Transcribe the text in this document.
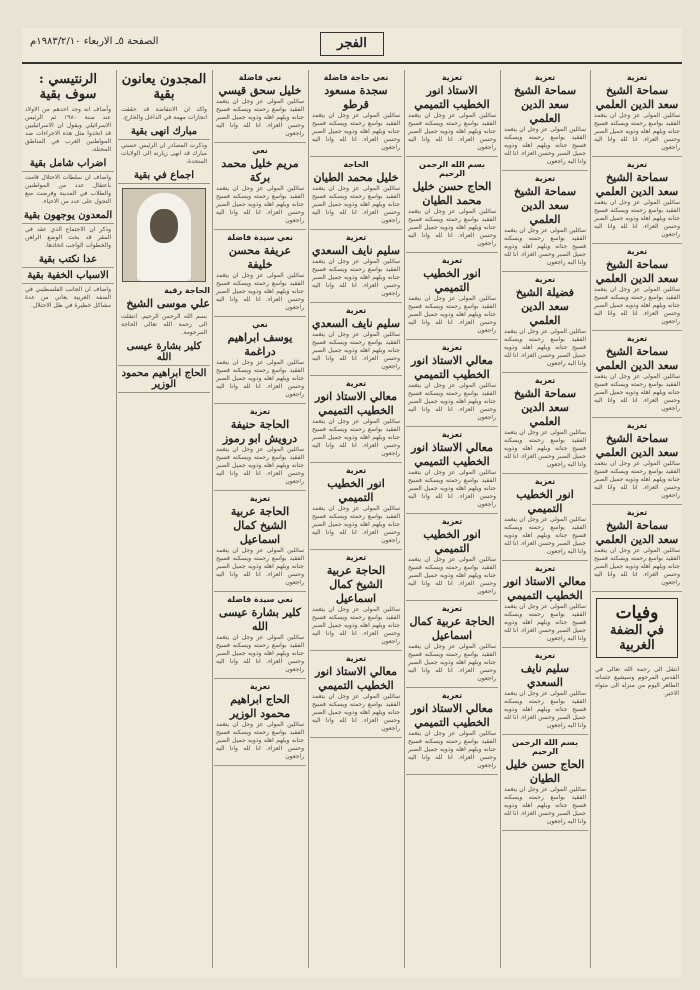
الصفحة ٥ـ الاربعاء ١٩٨٣/٢/١٠م	الفجر
الرنتيسي : سوف بقية
وأضاف انه وجد احدهم من الاولاد عند سنة ١٩٨٠ ثم الرئيس الاسرائيلي ويقول ان الاسرائيليين قد اتخذوا مثل هذه الاجراءات ضد المواطنين العرب في المناطق المحتلة.
اضراب شامل بقية
واضاف ان سلطات الاحتلال قامت باعتقال عدد من المواطنين والطلاب في المدينة وفرضت منع التجول على عدد من الاحياء.
المعدون يوجهون بقية
وذكر ان الاجتماع الذي عقد في المقر قد بحث الوضع الراهن والخطوات الواجب اتخاذها.
عدا نكتب بقية
الاسباب الخفية بقية
واضاف ان الجانب الفلسطيني في الضفة الغربية يعاني من عدة مشاكل خطيرة في ظل الاحتلال.
المجدون يعانون بقية
واكد ان الانتفاضة قد حققت انجازات مهمة في الداخل والخارج.
مبارك انهى بقية
وذكرت المصادر ان الرئيس حسني مبارك قد انهى زيارته الى الولايات المتحدة.
اجماع في بقية
الحاجة رقية
علي موسى الشيخ
بسم الله الرحمن الرحيم. انتقلت الى رحمة الله تعالى الحاجة المرحومة.
كلير بشارة عيسى الله
الحاج ابراهيم محمود الوزير
نعي فاضلة
خليل سحق قيسي
سائلين المولى عز وجل ان يتغمد الفقيد بواسع رحمته ويسكنه فسيح جنانه ويلهم اهله وذويه جميل الصبر وحسن العزاء. انا لله وانا اليه راجعون
نعي
مريم خليل محمد بركة
سائلين المولى عز وجل ان يتغمد الفقيد بواسع رحمته ويسكنه فسيح جنانه ويلهم اهله وذويه جميل الصبر وحسن العزاء. انا لله وانا اليه راجعون
نعي سيدة فاضلة
عريفة محسن خليفة
سائلين المولى عز وجل ان يتغمد الفقيد بواسع رحمته ويسكنه فسيح جنانه ويلهم اهله وذويه جميل الصبر وحسن العزاء. انا لله وانا اليه راجعون
نعي
يوسف ابراهيم دراغمة
سائلين المولى عز وجل ان يتغمد الفقيد بواسع رحمته ويسكنه فسيح جنانه ويلهم اهله وذويه جميل الصبر وحسن العزاء. انا لله وانا اليه راجعون
تعزية
الحاجة حنيفة درويش ابو رموز
سائلين المولى عز وجل ان يتغمد الفقيد بواسع رحمته ويسكنه فسيح جنانه ويلهم اهله وذويه جميل الصبر وحسن العزاء. انا لله وانا اليه راجعون
تعزية
الحاجة عربية الشيخ كمال اسماعيل
سائلين المولى عز وجل ان يتغمد الفقيد بواسع رحمته ويسكنه فسيح جنانه ويلهم اهله وذويه جميل الصبر وحسن العزاء. انا لله وانا اليه راجعون
نعي سيدة فاضلة
كلير بشارة عيسى الله
سائلين المولى عز وجل ان يتغمد الفقيد بواسع رحمته ويسكنه فسيح جنانه ويلهم اهله وذويه جميل الصبر وحسن العزاء. انا لله وانا اليه راجعون
تعزية
الحاج ابراهيم محمود الوزير
سائلين المولى عز وجل ان يتغمد الفقيد بواسع رحمته ويسكنه فسيح جنانه ويلهم اهله وذويه جميل الصبر وحسن العزاء. انا لله وانا اليه راجعون
نعي حاجة فاضلة
سجدة مسعود قرطو
سائلين المولى عز وجل ان يتغمد الفقيد بواسع رحمته ويسكنه فسيح جنانه ويلهم اهله وذويه جميل الصبر وحسن العزاء. انا لله وانا اليه راجعون
الحاجة
خليل محمد الطيان
سائلين المولى عز وجل ان يتغمد الفقيد بواسع رحمته ويسكنه فسيح جنانه ويلهم اهله وذويه جميل الصبر وحسن العزاء. انا لله وانا اليه راجعون
تعزية
سليم نايف السعدي
سائلين المولى عز وجل ان يتغمد الفقيد بواسع رحمته ويسكنه فسيح جنانه ويلهم اهله وذويه جميل الصبر وحسن العزاء. انا لله وانا اليه راجعون
تعزية
سليم نايف السعدي
سائلين المولى عز وجل ان يتغمد الفقيد بواسع رحمته ويسكنه فسيح جنانه ويلهم اهله وذويه جميل الصبر وحسن العزاء. انا لله وانا اليه راجعون
تعزية
معالي الاستاذ انور الخطيب التميمي
سائلين المولى عز وجل ان يتغمد الفقيد بواسع رحمته ويسكنه فسيح جنانه ويلهم اهله وذويه جميل الصبر وحسن العزاء. انا لله وانا اليه راجعون
تعزية
انور الخطيب التميمي
سائلين المولى عز وجل ان يتغمد الفقيد بواسع رحمته ويسكنه فسيح جنانه ويلهم اهله وذويه جميل الصبر وحسن العزاء. انا لله وانا اليه راجعون
تعزية
الحاجة عربية الشيخ كمال اسماعيل
سائلين المولى عز وجل ان يتغمد الفقيد بواسع رحمته ويسكنه فسيح جنانه ويلهم اهله وذويه جميل الصبر وحسن العزاء. انا لله وانا اليه راجعون
تعزية
معالي الاستاذ انور الخطيب التميمي
سائلين المولى عز وجل ان يتغمد الفقيد بواسع رحمته ويسكنه فسيح جنانه ويلهم اهله وذويه جميل الصبر وحسن العزاء. انا لله وانا اليه راجعون
تعزية
الاستاذ انور الخطيب التميمي
سائلين المولى عز وجل ان يتغمد الفقيد بواسع رحمته ويسكنه فسيح جنانه ويلهم اهله وذويه جميل الصبر وحسن العزاء. انا لله وانا اليه راجعون
بسم الله الرحمن الرحيم
الحاج حسن خليل محمد الطيان
سائلين المولى عز وجل ان يتغمد الفقيد بواسع رحمته ويسكنه فسيح جنانه ويلهم اهله وذويه جميل الصبر وحسن العزاء. انا لله وانا اليه راجعون
تعزية
انور الخطيب التميمي
سائلين المولى عز وجل ان يتغمد الفقيد بواسع رحمته ويسكنه فسيح جنانه ويلهم اهله وذويه جميل الصبر وحسن العزاء. انا لله وانا اليه راجعون
تعزية
معالي الاستاذ انور الخطيب التميمي
سائلين المولى عز وجل ان يتغمد الفقيد بواسع رحمته ويسكنه فسيح جنانه ويلهم اهله وذويه جميل الصبر وحسن العزاء. انا لله وانا اليه راجعون
تعزية
معالي الاستاذ انور الخطيب التميمي
سائلين المولى عز وجل ان يتغمد الفقيد بواسع رحمته ويسكنه فسيح جنانه ويلهم اهله وذويه جميل الصبر وحسن العزاء. انا لله وانا اليه راجعون
تعزية
انور الخطيب التميمي
سائلين المولى عز وجل ان يتغمد الفقيد بواسع رحمته ويسكنه فسيح جنانه ويلهم اهله وذويه جميل الصبر وحسن العزاء. انا لله وانا اليه راجعون
تعزية
الحاجة عربية كمال اسماعيل
سائلين المولى عز وجل ان يتغمد الفقيد بواسع رحمته ويسكنه فسيح جنانه ويلهم اهله وذويه جميل الصبر وحسن العزاء. انا لله وانا اليه راجعون
تعزية
معالي الاستاذ انور الخطيب التميمي
سائلين المولى عز وجل ان يتغمد الفقيد بواسع رحمته ويسكنه فسيح جنانه ويلهم اهله وذويه جميل الصبر وحسن العزاء. انا لله وانا اليه راجعون
تعزية
سماحة الشيخ سعد الدين العلمي
سائلين المولى عز وجل ان يتغمد الفقيد بواسع رحمته ويسكنه فسيح جنانه ويلهم اهله وذويه جميل الصبر وحسن العزاء. انا لله وانا اليه راجعون
تعزية
سماحة الشيخ سعد الدين العلمي
سائلين المولى عز وجل ان يتغمد الفقيد بواسع رحمته ويسكنه فسيح جنانه ويلهم اهله وذويه جميل الصبر وحسن العزاء. انا لله وانا اليه راجعون
تعزية
فضيلة الشيخ سعد الدين العلمي
سائلين المولى عز وجل ان يتغمد الفقيد بواسع رحمته ويسكنه فسيح جنانه ويلهم اهله وذويه جميل الصبر وحسن العزاء. انا لله وانا اليه راجعون
تعزية
سماحة الشيخ سعد الدين العلمي
سائلين المولى عز وجل ان يتغمد الفقيد بواسع رحمته ويسكنه فسيح جنانه ويلهم اهله وذويه جميل الصبر وحسن العزاء. انا لله وانا اليه راجعون
تعزية
انور الخطيب التميمي
سائلين المولى عز وجل ان يتغمد الفقيد بواسع رحمته ويسكنه فسيح جنانه ويلهم اهله وذويه جميل الصبر وحسن العزاء. انا لله وانا اليه راجعون
تعزية
معالي الاستاذ انور الخطيب التميمي
سائلين المولى عز وجل ان يتغمد الفقيد بواسع رحمته ويسكنه فسيح جنانه ويلهم اهله وذويه جميل الصبر وحسن العزاء. انا لله وانا اليه راجعون
تعزية
سليم نايف السعدي
سائلين المولى عز وجل ان يتغمد الفقيد بواسع رحمته ويسكنه فسيح جنانه ويلهم اهله وذويه جميل الصبر وحسن العزاء. انا لله وانا اليه راجعون
بسم الله الرحمن الرحيم
الحاج حسن خليل الطيان
سائلين المولى عز وجل ان يتغمد الفقيد بواسع رحمته ويسكنه فسيح جنانه ويلهم اهله وذويه جميل الصبر وحسن العزاء. انا لله وانا اليه راجعون
تعزية
سماحة الشيخ سعد الدين العلمي
سائلين المولى عز وجل ان يتغمد الفقيد بواسع رحمته ويسكنه فسيح جنانه ويلهم اهله وذويه جميل الصبر وحسن العزاء. انا لله وانا اليه راجعون
تعزية
سماحة الشيخ سعد الدين العلمي
سائلين المولى عز وجل ان يتغمد الفقيد بواسع رحمته ويسكنه فسيح جنانه ويلهم اهله وذويه جميل الصبر وحسن العزاء. انا لله وانا اليه راجعون
تعزية
سماحة الشيخ سعد الدين العلمي
سائلين المولى عز وجل ان يتغمد الفقيد بواسع رحمته ويسكنه فسيح جنانه ويلهم اهله وذويه جميل الصبر وحسن العزاء. انا لله وانا اليه راجعون
تعزية
سماحة الشيخ سعد الدين العلمي
سائلين المولى عز وجل ان يتغمد الفقيد بواسع رحمته ويسكنه فسيح جنانه ويلهم اهله وذويه جميل الصبر وحسن العزاء. انا لله وانا اليه راجعون
تعزية
سماحة الشيخ سعد الدين العلمي
سائلين المولى عز وجل ان يتغمد الفقيد بواسع رحمته ويسكنه فسيح جنانه ويلهم اهله وذويه جميل الصبر وحسن العزاء. انا لله وانا اليه راجعون
تعزية
سماحة الشيخ سعد الدين العلمي
سائلين المولى عز وجل ان يتغمد الفقيد بواسع رحمته ويسكنه فسيح جنانه ويلهم اهله وذويه جميل الصبر وحسن العزاء. انا لله وانا اليه راجعون
وفيات
في الضفة الغربية
انتقل الى رحمة الله تعالى في القدس المرحوم وسيشيع جثمانه الطاهر اليوم من منزله الى مثواه الاخير.
